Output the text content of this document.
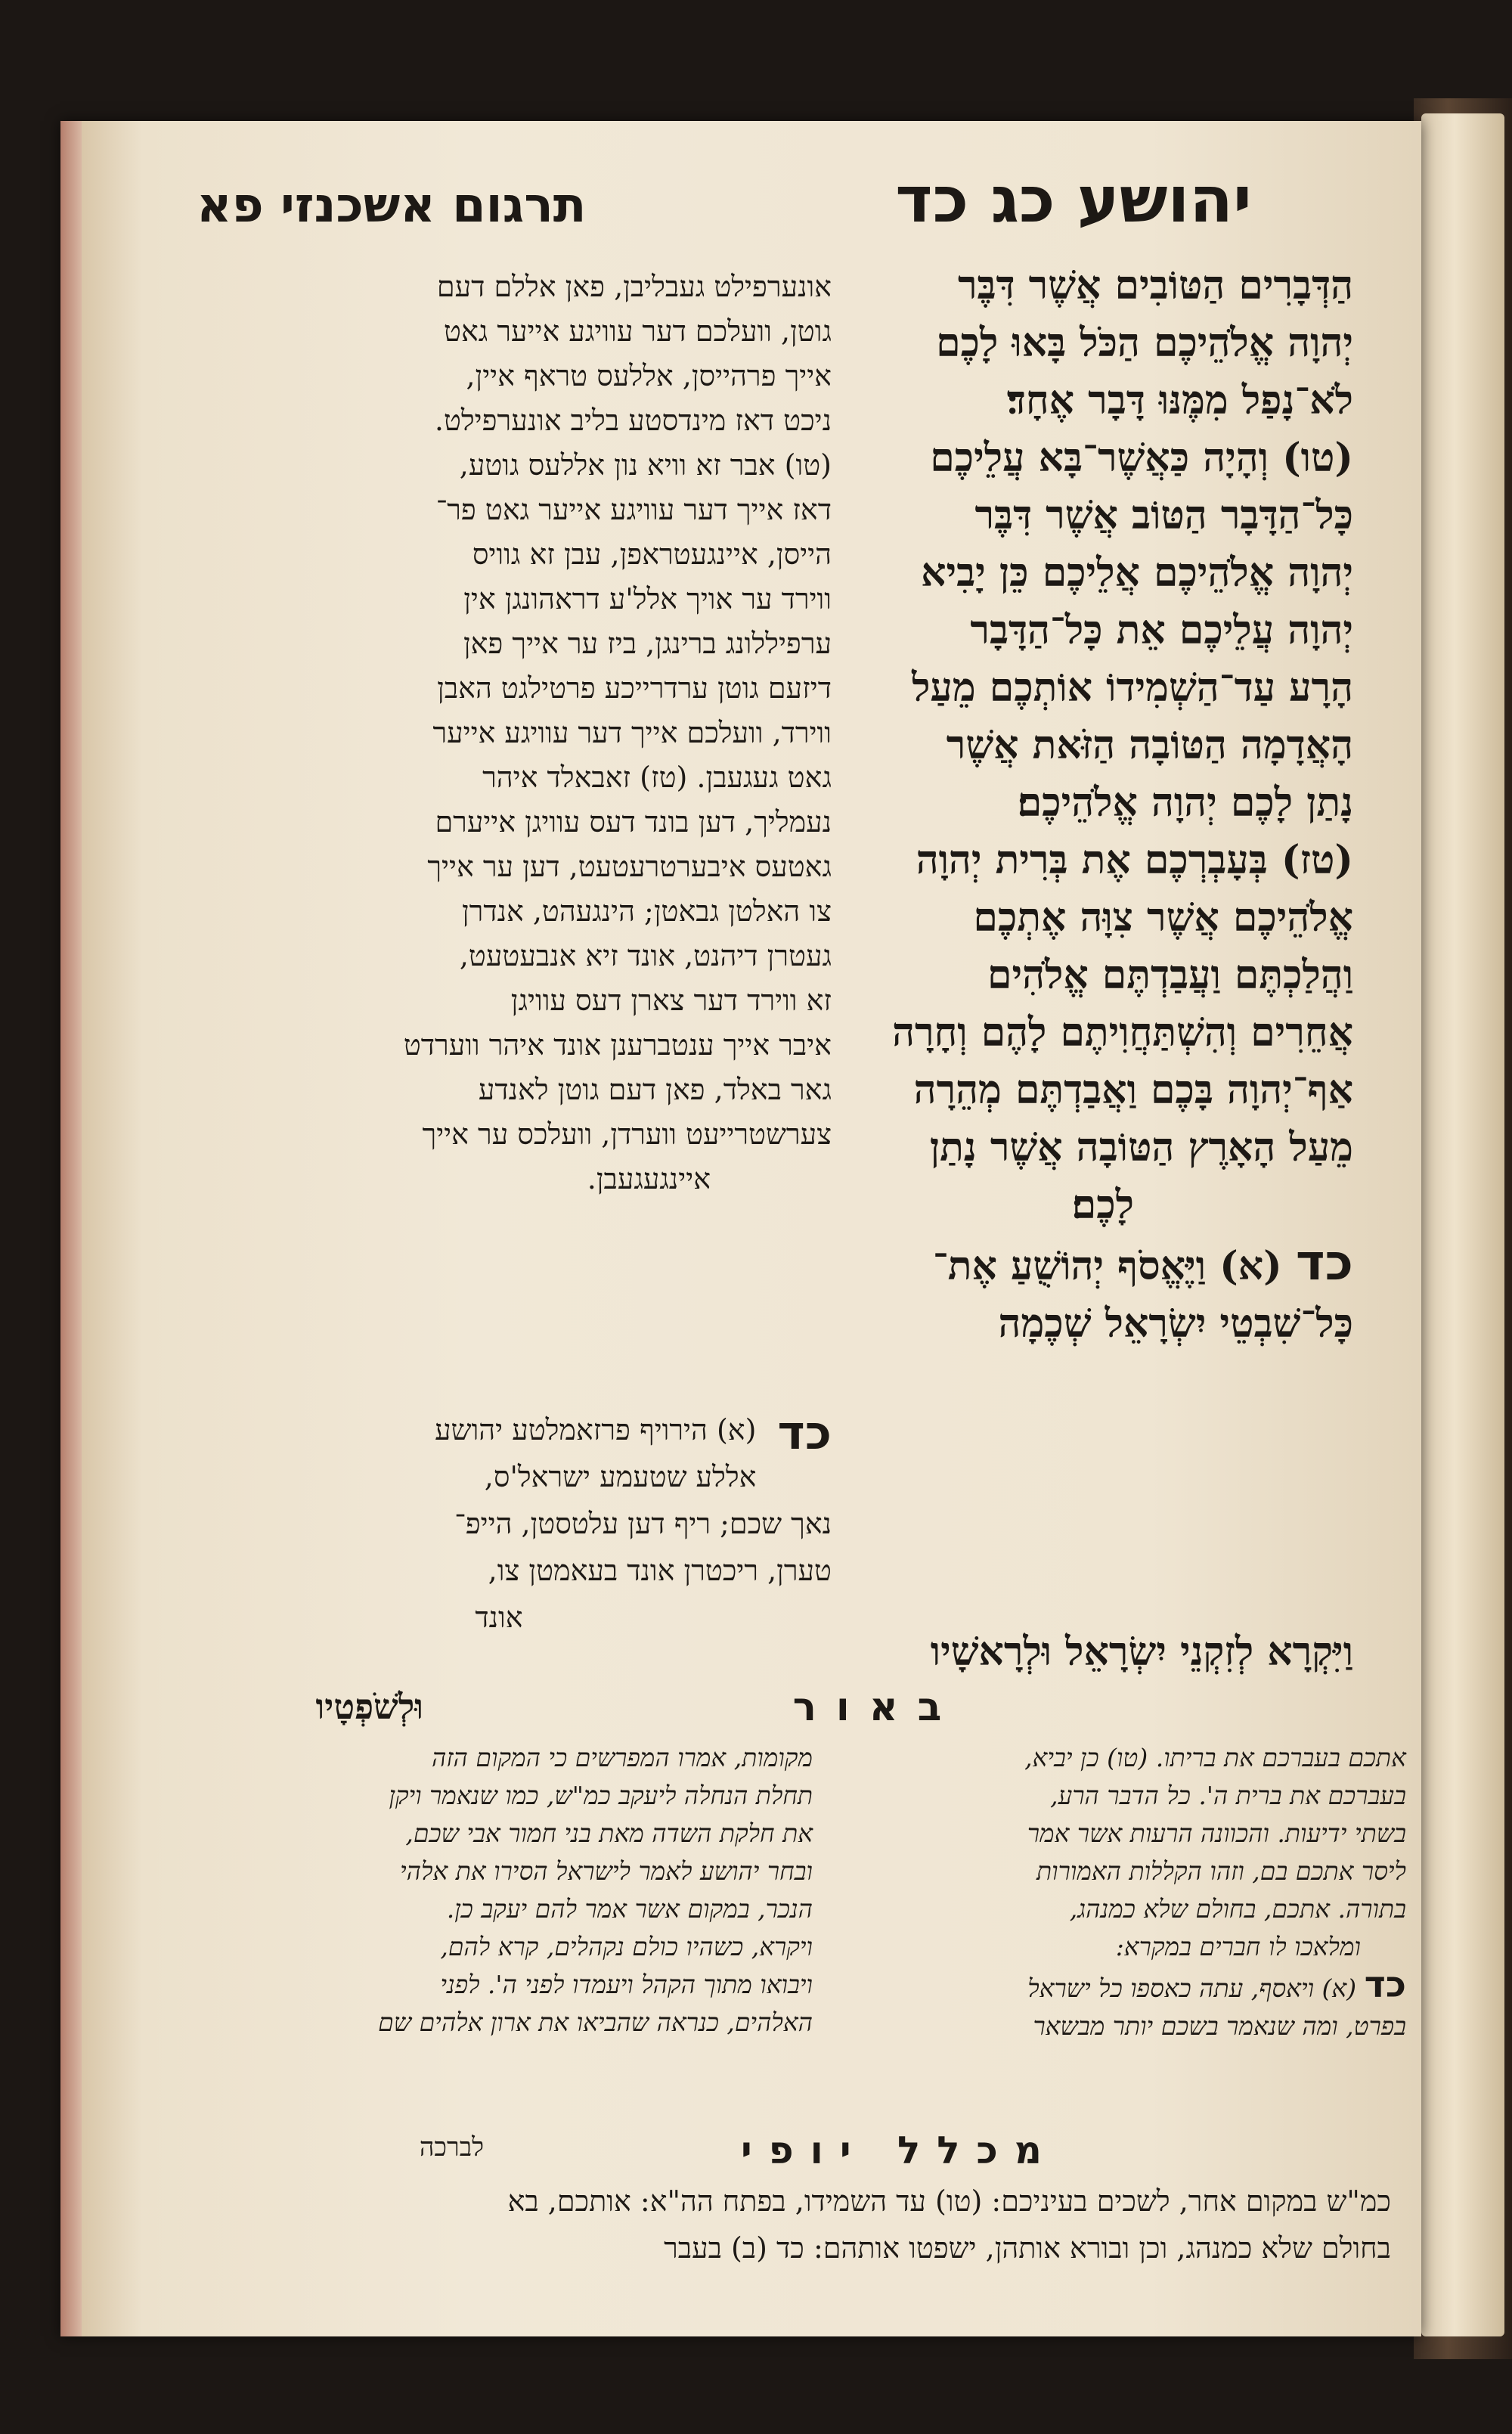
תרגום אשכנזי פא	יהושע כג כד

אונערפילט געבליבן, פאן אללם דעם

גוטן, וועלכם דער עוויגע אייער גאט

אייך פרהייסן, אללעס טראף איין,

ניכט דאז מינדסטע בליב אונערפילט.

(טו) אבר זא וויא נון אללעס גוטע,

דאז אייך דער עוויגע אייער גאט פר־

הייסן, איינגעטראפן, עבן זא גוויס

ווירד ער אויך אלל'ע דראהונגן אין

ערפיללונג ברינגן, ביז ער אייך פאן

דיזעם גוטן ערדרייכע פרטילגט האבן

ווירד, וועלכם אייך דער עוויגע אייער

גאט געגעבן. (טז) זאבאלד איהר

נעמליך, דען בונד דעס עוויגן אייערם

גאטעס איבערטרעטעט, דען ער אייך

צו האלטן גבאטן; הינגעהט, אנדרן

געטרן דיהנט, אונד זיא אנבעטעט,

זא ווירד דער צארן דעס עוויגן

איבר אייך ענטברענן אונד איהר ווערדט

גאר באלד, פאן דעם גוטן לאנדע

צערשטרייעט ווערדן, וועלכס ער אייך

איינגעגעבן.

כד
(א) הירויף פרזאמלטע יהושע
אללע שטעמע ישראל'ס,
נאך שכם; ריף דען עלטסטן, הייפ־
טערן, ריכטרן אונד בעאמטן צו,
אונד

הַדְּבָרִים הַטּוֹבִים אֲשֶׁר דִּבֶּר

יְהוָה אֱלֹהֵיכֶם הַכֹּל בָּאוּ לָכֶם

לֹא־נָפַל מִמֶּנּוּ דָּבָר אֶחָד׃

(טו) וְהָיָה כַּאֲשֶׁר־בָּא עֲלֵיכֶם

כָּל־הַדָּבָר הַטּוֹב אֲשֶׁר דִּבֶּר

יְהוָה אֱלֹהֵיכֶם אֲלֵיכֶם כֵּן יָבִיא

יְהוָה עֲלֵיכֶם אֵת כָּל־הַדָּבָר

הָרָע עַד־הַשְׁמִידוֹ אוֹתְכֶם מֵעַל

הָאֲדָמָה הַטּוֹבָה הַזֹּאת אֲשֶׁר

נָתַן לָכֶם יְהוָה אֱלֹהֵיכֶם׃

(טז) בְּעָבְרְכֶם אֶת בְּרִית יְהוָה

אֱלֹהֵיכֶם אֲשֶׁר צִוָּה אֶתְכֶם

וַהֲלַכְתֶּם וַעֲבַדְתֶּם אֱלֹהִים

אֲחֵרִים וְהִשְׁתַּחֲוִיתֶם לָהֶם וְחָרָה

אַף־יְהוָה בָּכֶם וַאֲבַדְתֶּם מְהֵרָה

מֵעַל הָאָרֶץ הַטּוֹבָה אֲשֶׁר נָתַן

לָכֶם׃

כד (א) וַיֶּאֱסֹף יְהוֹשֻׁעַ אֶת־

כָּל־שִׁבְטֵי יִשְׂרָאֵל שְׁכֶמָה

וַיִּקְרָא לְזִקְנֵי יִשְׂרָאֵל וּלְרָאשָׁיו
באור
וּלְשֹׁפְטָיו
אתכם בעברכם את בריתו. (טו) כן יביא,
בעברכם את ברית ה'. כל הדבר הרע,
בשתי ידיעות. והכוונה הרעות אשר אמר
ליסר אתכם בם, וזהו הקללות האמורות
בתורה. אתכם, בחולם שלא כמנהג,
ומלאכו לו חברים במקרא:
כד (א) ויאסף, עתה כאספו כל ישראל
בפרט, ומה שנאמר בשכם יותר מבשאר
מקומות, אמרו המפרשים כי המקום הזה
תחלת הנחלה ליעקב כמ"ש, כמו שנאמר ויקן
את חלקת השדה מאת בני חמור אבי שכם,
ובחר יהושע לאמר לישראל הסירו את אלהי
הנכר, במקום אשר אמר להם יעקב כן.
ויקרא, כשהיו כולם נקהלים, קרא להם,
ויבואו מתוך הקהל ויעמדו לפני ה'. לפני
האלהים, כנראה שהביאו את ארון אלהים שם
לברכה	מכלל יופי
כמ"ש במקום אחר, לשכים בעיניכם: (טו) עד השמידו, בפתח הה"א: אותכם, בא
בחולם שלא כמנהג, וכן ובורא אותהן, ישפטו אותהם: כד (ב) בעבר
